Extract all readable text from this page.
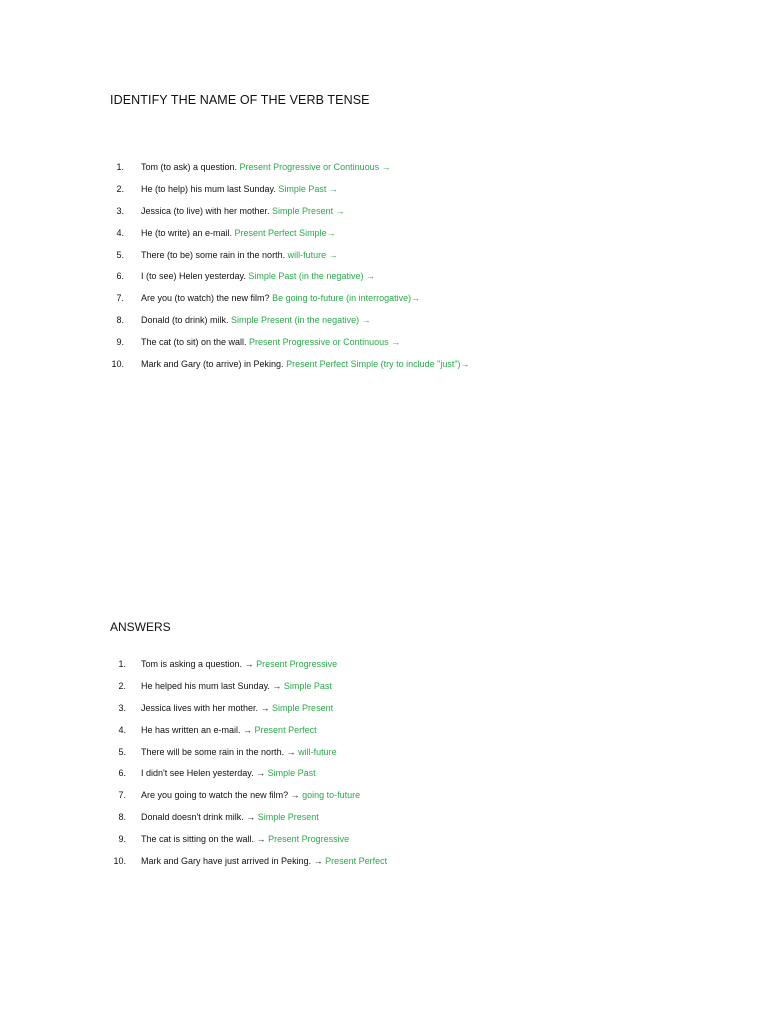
IDENTIFY THE NAME OF THE VERB TENSE
1. Tom (to ask) a question. Present Progressive or Continuous →
2. He (to help) his mum last Sunday. Simple Past →
3. Jessica (to live) with her mother. Simple Present →
4. He (to write) an e-mail. Present Perfect Simple→
5. There (to be) some rain in the north. will-future →
6. I (to see) Helen yesterday. Simple Past (in the negative) →
7. Are you (to watch) the new film? Be going to-future (in interrogative)→
8. Donald (to drink) milk. Simple Present (in the negative) →
9. The cat (to sit) on the wall. Present Progressive or Continuous →
10. Mark and Gary (to arrive) in Peking. Present Perfect Simple (try to include "just")→
ANSWERS
1. Tom is asking a question. → Present Progressive
2. He helped his mum last Sunday. → Simple Past
3. Jessica lives with her mother. → Simple Present
4. He has written an e-mail. → Present Perfect
5. There will be some rain in the north. → will-future
6. I didn't see Helen yesterday. → Simple Past
7. Are you going to watch the new film? → going to-future
8. Donald doesn't drink milk. → Simple Present
9. The cat is sitting on the wall. → Present Progressive
10. Mark and Gary have just arrived in Peking. → Present Perfect
